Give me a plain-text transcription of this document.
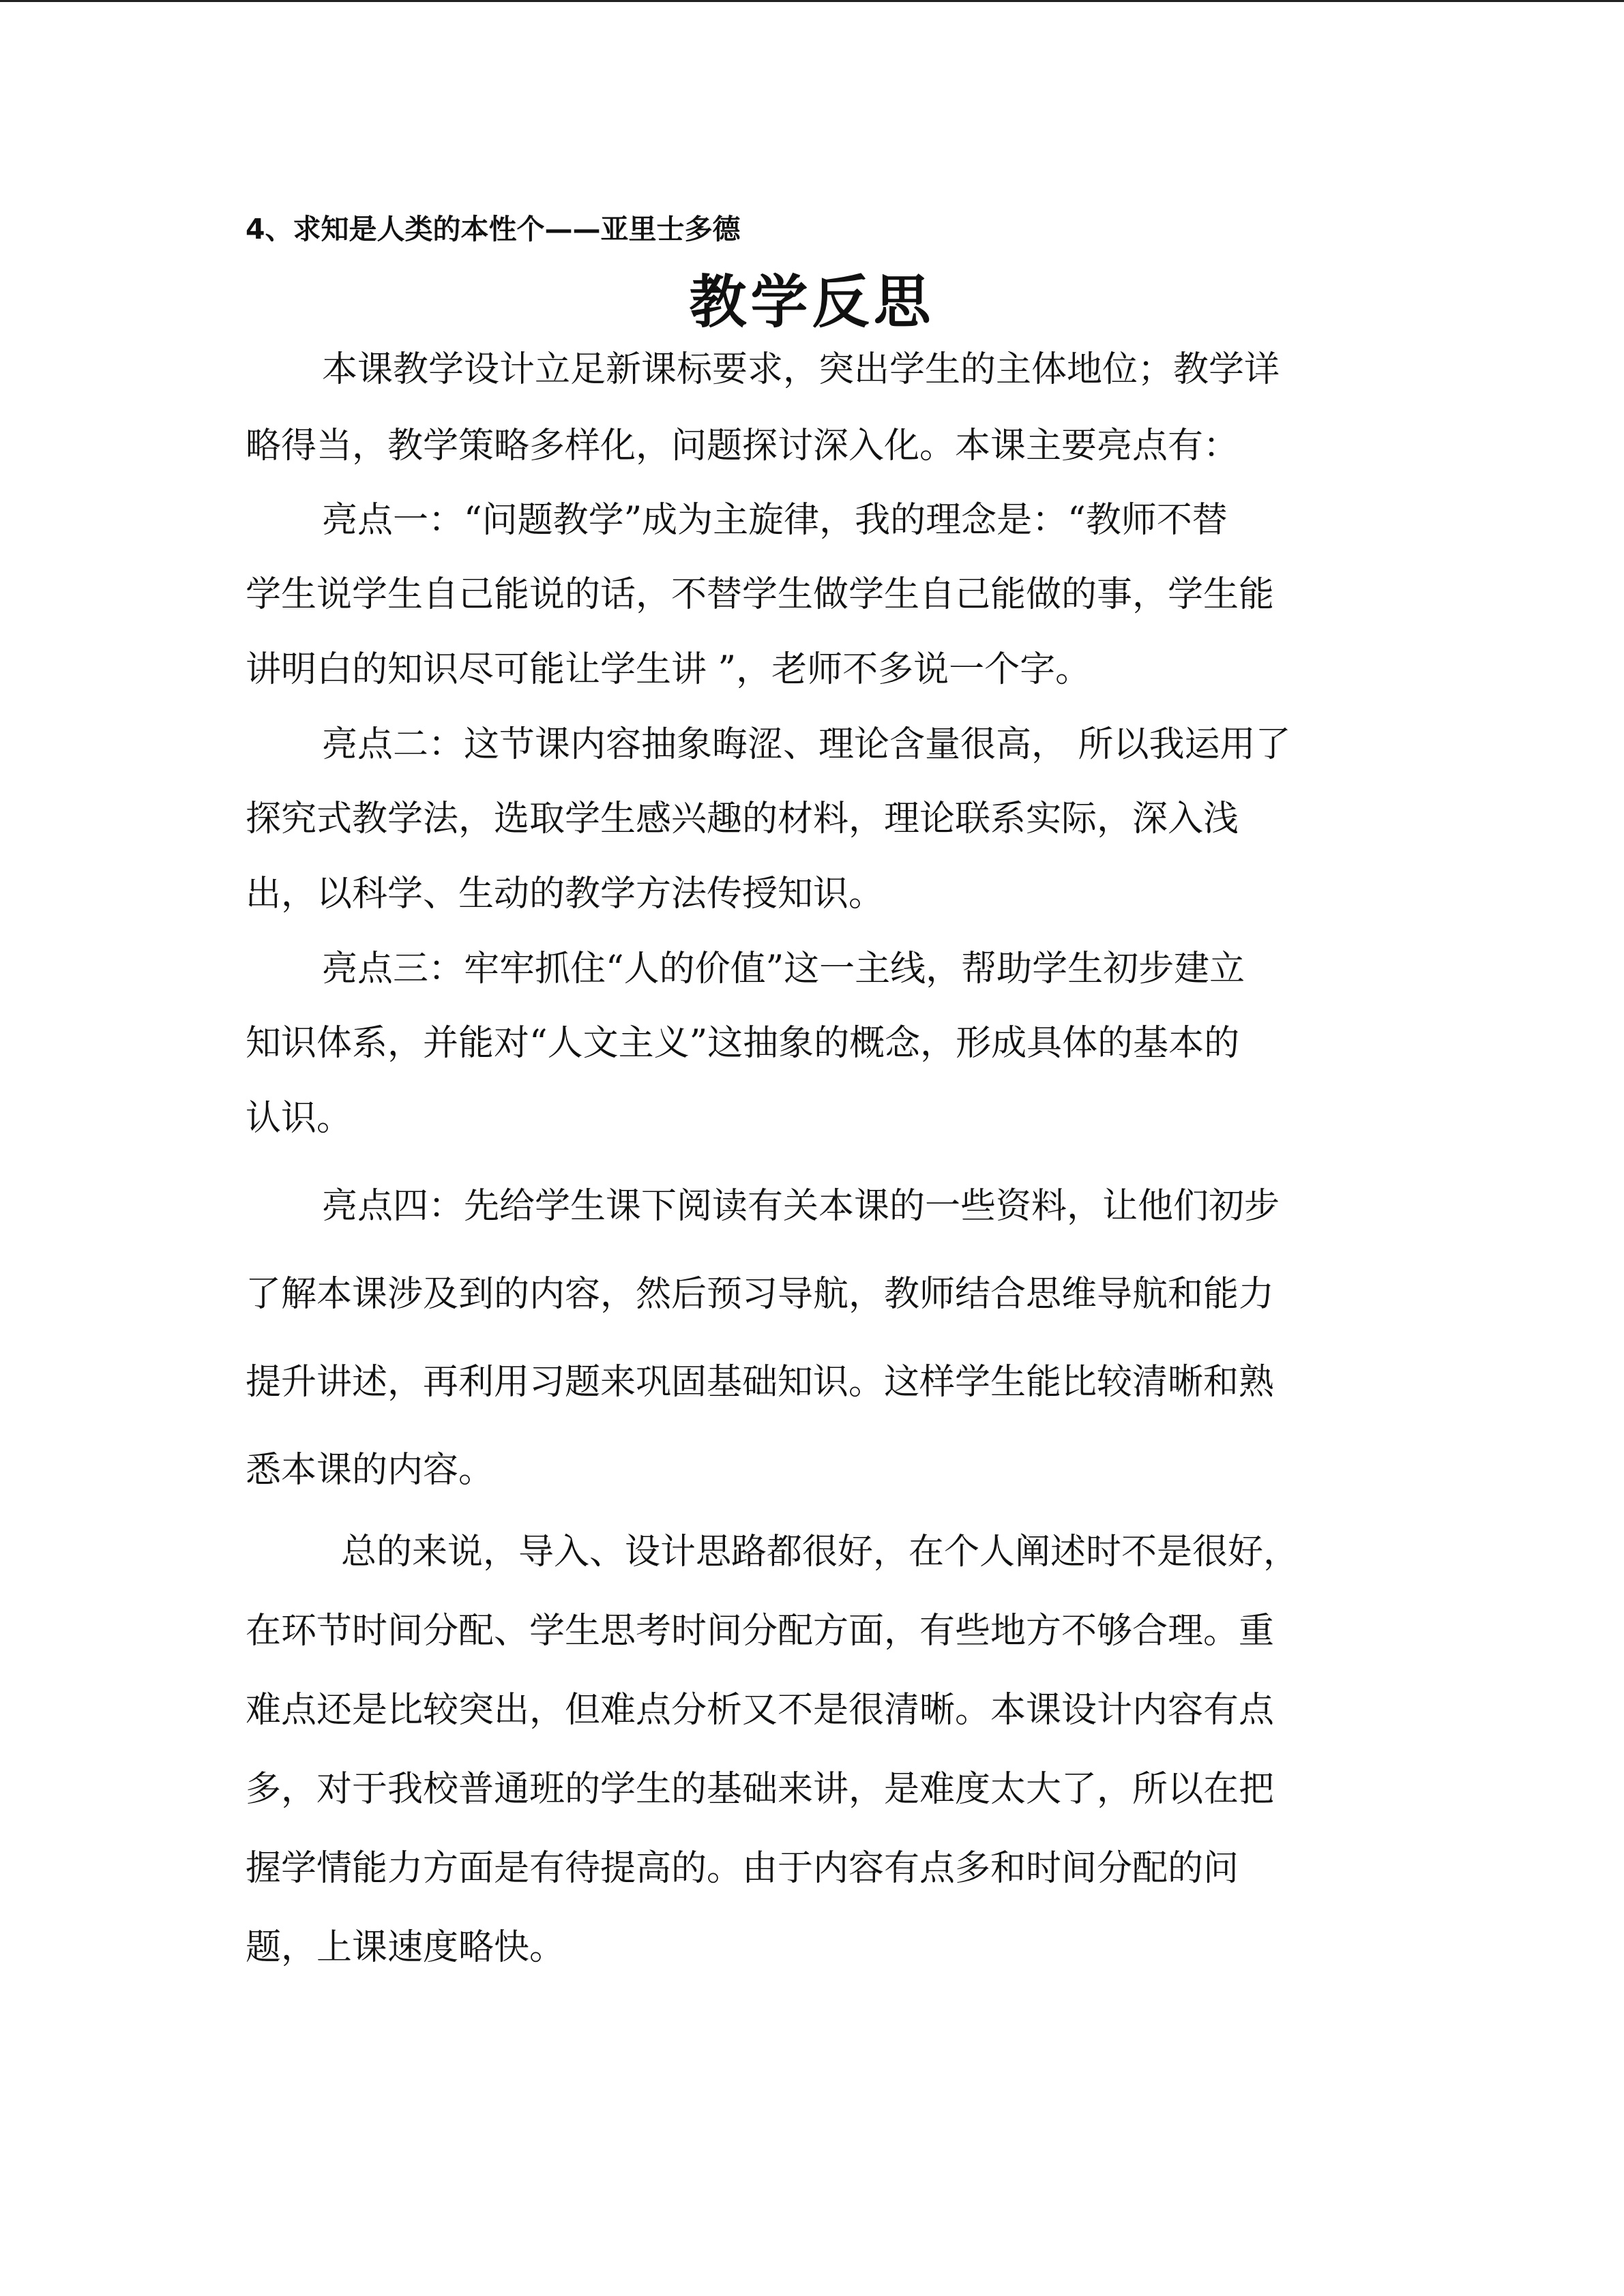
4、求知是人类的本性个——亚里士多德
教学反思
本课教学设计立足新课标要求，突出学生的主体地位；教学详
略得当，教学策略多样化，问题探讨深入化。本课主要亮点有：
亮点一：“问题教学”成为主旋律，我的理念是：“教师不替
学生说学生自己能说的话，不替学生做学生自己能做的事，学生能
讲明白的知识尽可能让学生讲 ”，老师不多说一个字。
亮点二：这节课内容抽象晦涩、理论含量很高， 所以我运用了
探究式教学法，选取学生感兴趣的材料，理论联系实际，深入浅
出，以科学、生动的教学方法传授知识。
亮点三：牢牢抓住“人的价值”这一主线，帮助学生初步建立
知识体系，并能对“人文主义”这抽象的概念，形成具体的基本的
认识。
亮点四：先给学生课下阅读有关本课的一些资料，让他们初步
了解本课涉及到的内容，然后预习导航，教师结合思维导航和能力
提升讲述，再利用习题来巩固基础知识。这样学生能比较清晰和熟
悉本课的内容。
总的来说，导入、设计思路都很好，在个人阐述时不是很好，
在环节时间分配、学生思考时间分配方面，有些地方不够合理。重
难点还是比较突出，但难点分析又不是很清晰。本课设计内容有点
多，对于我校普通班的学生的基础来讲，是难度太大了，所以在把
握学情能力方面是有待提高的。由于内容有点多和时间分配的问
题，上课速度略快。
